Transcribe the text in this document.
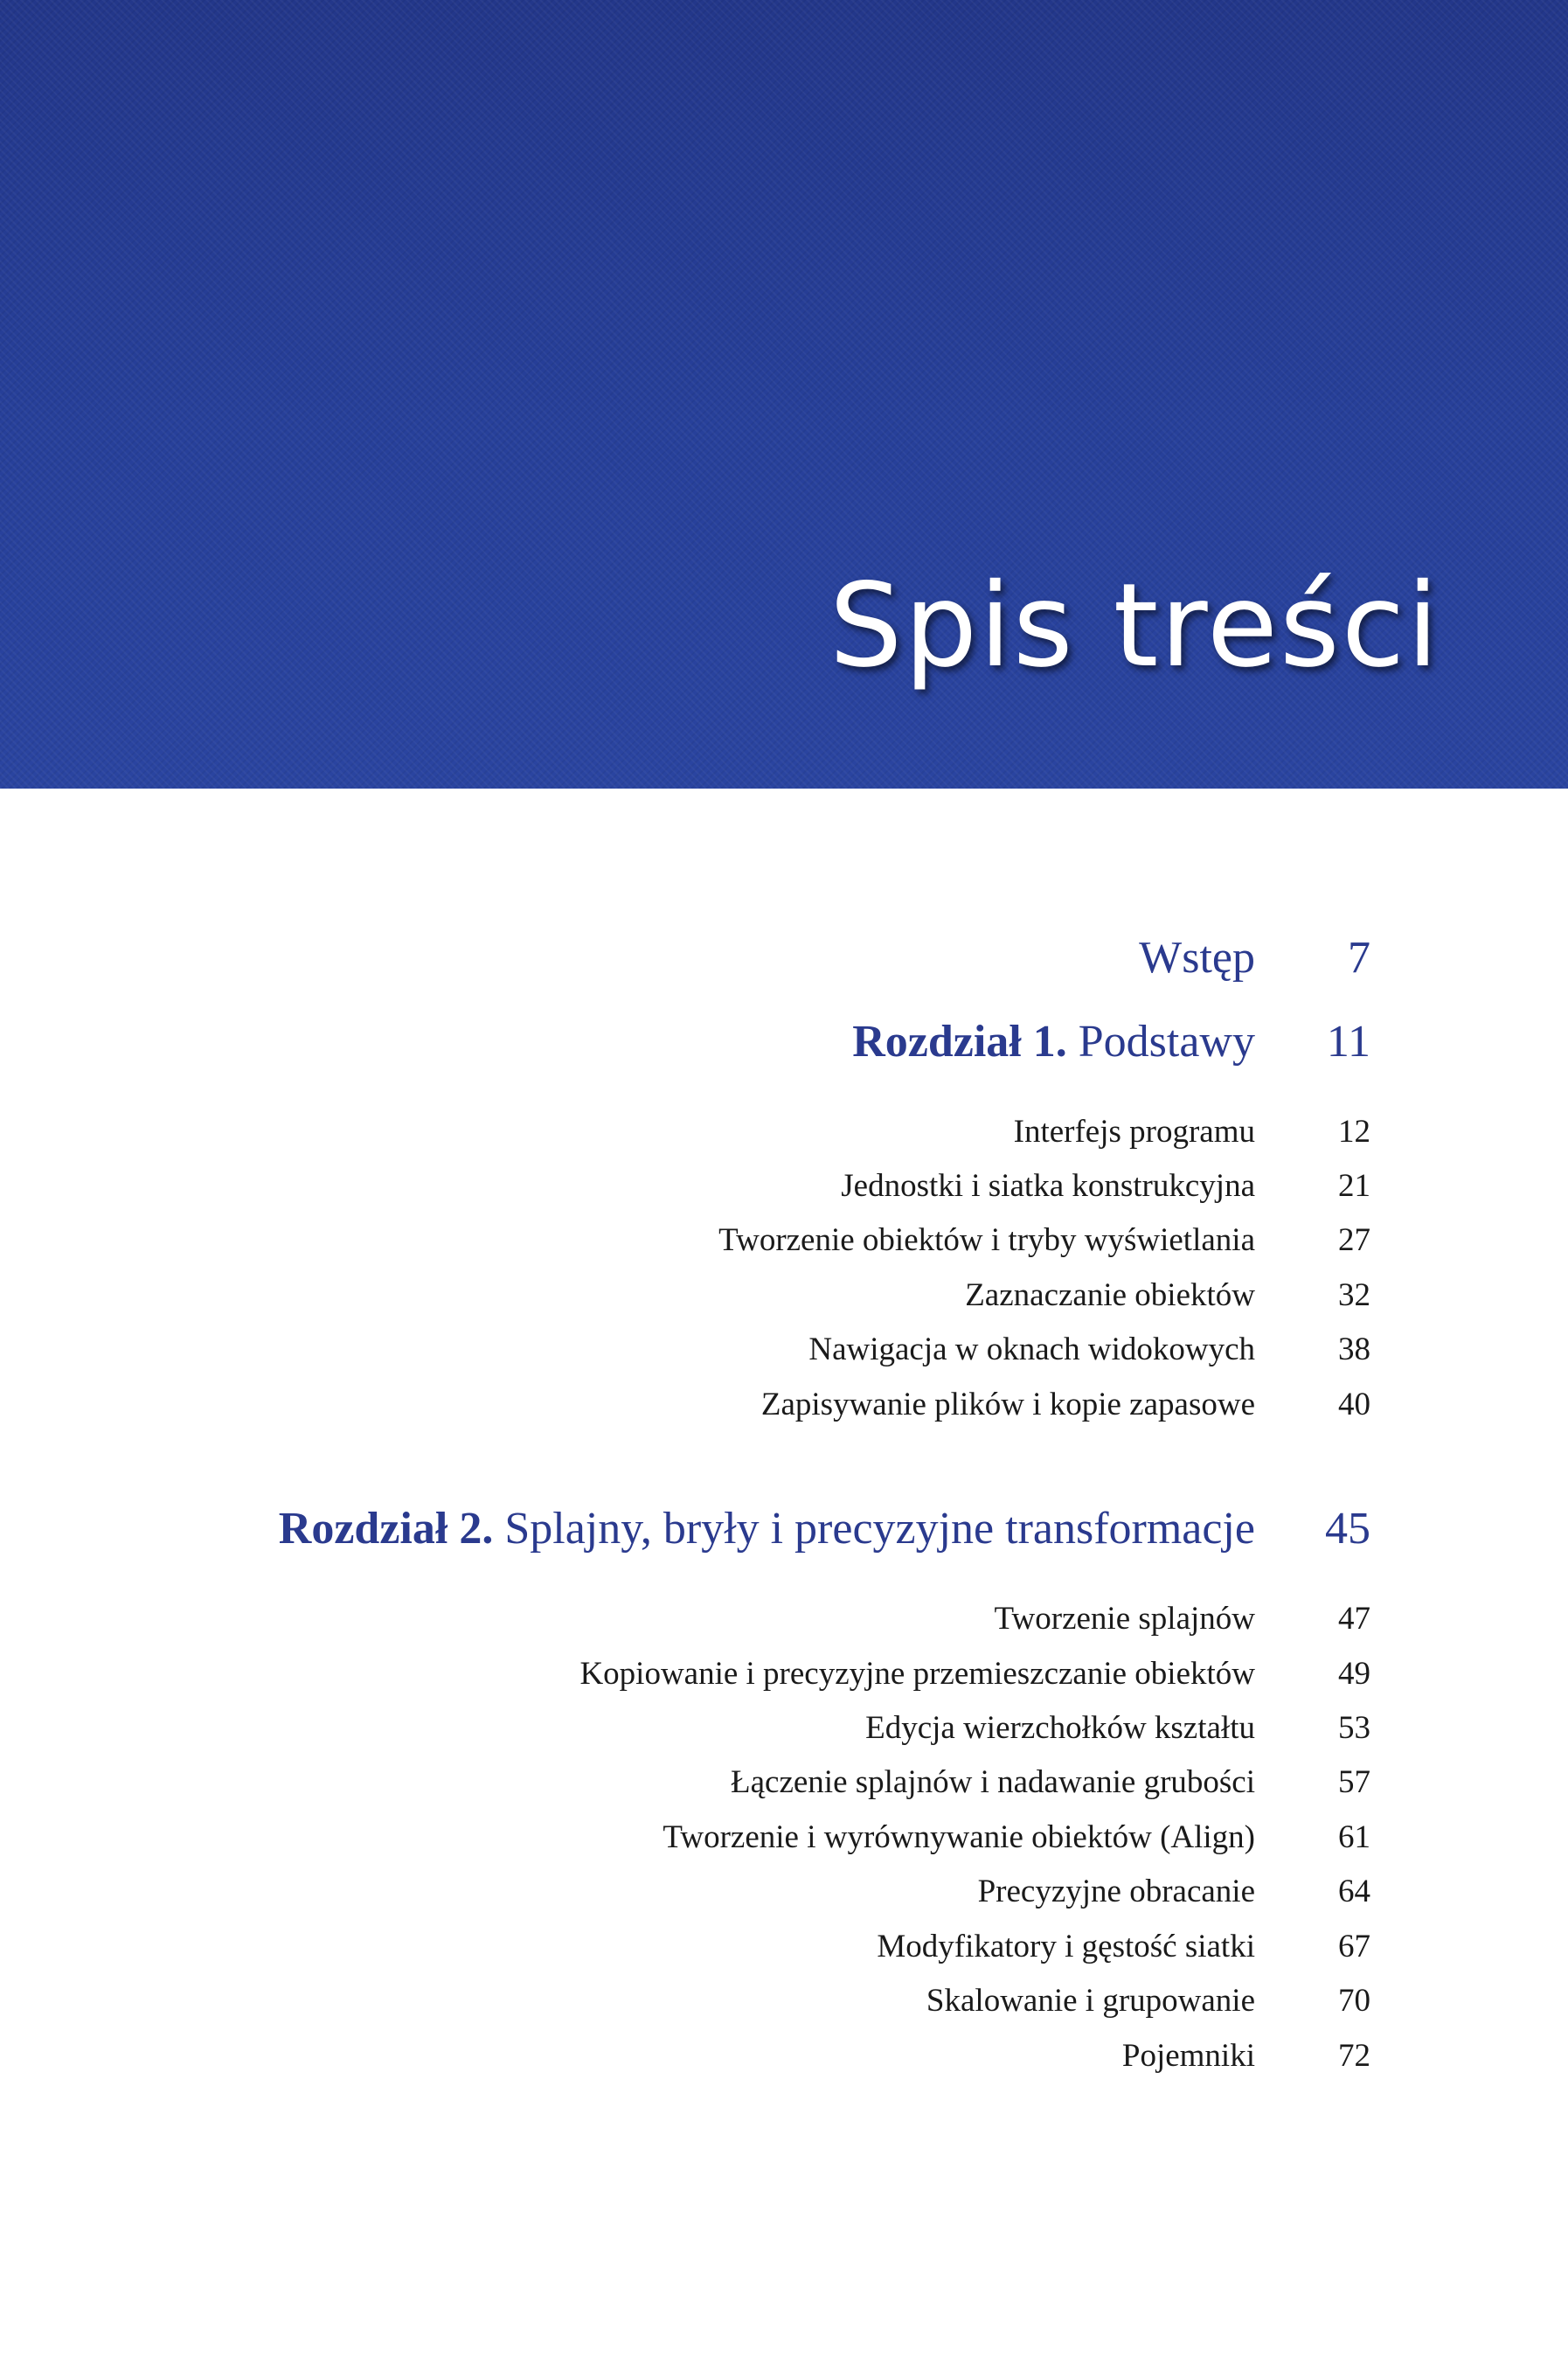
Spis treści
Wstęp 7
Rozdział 1. Podstawy 11
Interfejs programu	12
Jednostki i siatka konstrukcyjna	21
Tworzenie obiektów i tryby wyświetlania	27
Zaznaczanie obiektów	32
Nawigacja w oknach widokowych	38
Zapisywanie plików i kopie zapasowe	40
Rozdział 2. Splajny, bryły i precyzyjne transformacje 45
Tworzenie splajnów	47
Kopiowanie i precyzyjne przemieszczanie obiektów	49
Edycja wierzchołków kształtu	53
Łączenie splajnów i nadawanie grubości	57
Tworzenie i wyrównywanie obiektów (Align)	61
Precyzyjne obracanie	64
Modyfikatory i gęstość siatki	67
Skalowanie i grupowanie	70
Pojemniki	72
